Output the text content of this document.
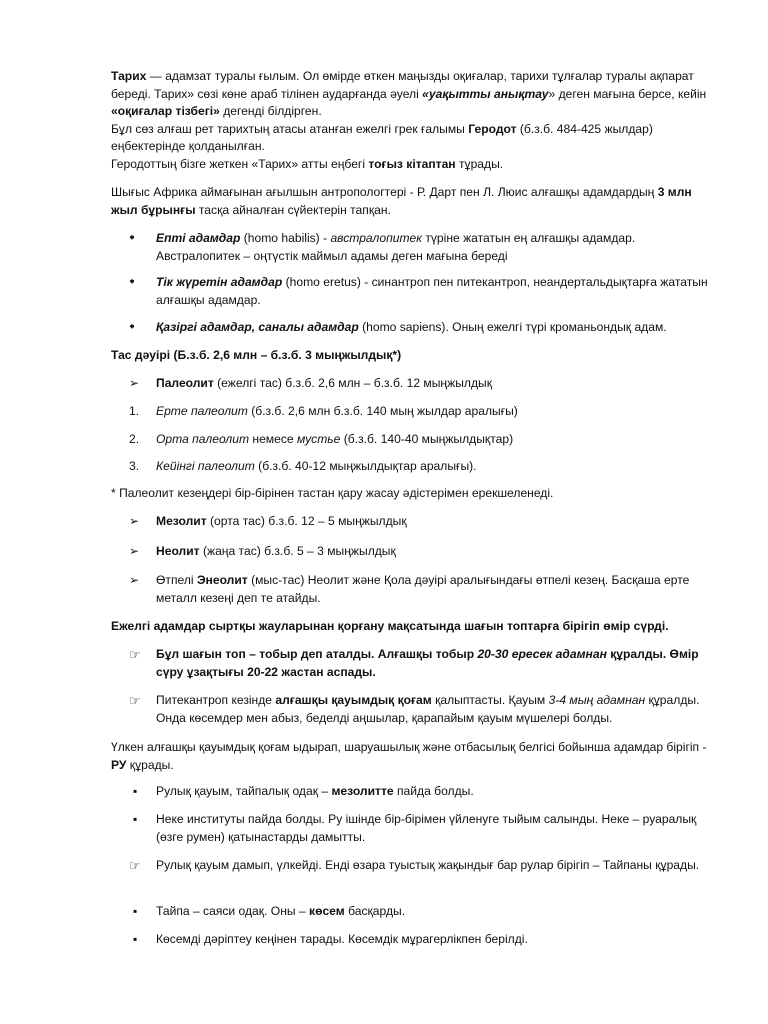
Тарих — адамзат туралы ғылым. Ол өмірде өткен маңызды оқиғалар, тарихи тұлғалар туралы ақпарат береді. Тарих» сөзі көне араб тілінен аударғанда әуелі «уақытты анықтау» деген мағына берсе, кейін «оқиғалар тізбегі» дегенді білдірген.
Бұл сөз алғаш рет тарихтың атасы атанған ежелгі грек ғалымы Геродот (б.з.б. 484-425 жылдар) еңбектерінде қолданылған.
Геродоттың бізге жеткен «Тарих» атты еңбегі тоғыз кітаптан тұрады.

Шығыс Африка аймағынан ағылшын антропологтері - Р. Дарт пен Л. Люис алғашқы адамдардың 3 млн жыл бұрынғы тасқа айналған сүйектерін тапқан.

🠸	Епті адамдар (һomo habilis) - австралопитек түріне жататын ең алғашқы адамдар. Австралопитек – оңтүстік маймыл адамы деген мағына береді
🠸	Тік жүретін адамдар (һomo eretus) - синантроп пен питекантроп, неандертальдықтарға жататын алғашқы адамдар.
🠸	Қазіргі адамдар, саналы адамдар (һomo sapiens). Оның ежелгі түрі кроманьондық адам.

Тас дәуірі (Б.з.б. 2,6 млн – б.з.б. 3 мыңжылдық*)

➢	Палеолит (ежелгі тас) б.з.б. 2,6 млн – б.з.б. 12 мыңжылдық
1.	Ерте палеолит (б.з.б. 2,6 млн б.з.б. 140 мың жылдар аралығы)
2.	Орта палеолит немесе мустье (б.з.б. 140-40 мыңжылдықтар)
3.	Кейінгі палеолит (б.з.б. 40-12 мыңжылдықтар аралығы).

* Палеолит кезеңдері бір-бірінен тастан қару жасау әдістерімен ерекшеленеді.

➢	Мезолит (орта тас) б.з.б. 12 – 5 мыңжылдық
➢	Неолит (жаңа тас) б.з.б. 5 – 3 мыңжылдық
➢	Өтпелі Энеолит (мыс-тас) Неолит және Қола дәуірі аралығындағы өтпелі кезең. Басқаша ерте металл кезеңі деп те атайды.

Ежелгі адамдар сыртқы жауларынан қорғану мақсатында шағын топтарға бірігіп өмір сүрді.

☞	Бұл шағын топ – тобыр деп аталды. Алғашқы тобыр 20-30 ересек адамнан құралды. Өмір сүру ұзақтығы 20-22 жастан аспады.
☞	Питекантроп кезінде алғашқы қауымдық қоғам қалыптасты. Қауым 3-4 мың адамнан құралды. Онда көсемдер мен абыз, беделді аңшылар, қарапайым қауым мүшелері болды.

Үлкен алғашқы қауымдық қоғам ыдырап, шаруашылық және отбасылық белгісі бойынша адамдар бірігіп - РУ құрады.

▪	Рулық қауым, тайпалық одақ – мезолитте пайда болды.
▪	Неке институты пайда болды. Ру ішінде бір-бірімен үйленуге тыйым салынды. Неке – руаралық (өзге румен) қатынастарды дамытты.
☞	Рулық қауым дамып, үлкейді. Енді өзара туыстық жақындығ бар рулар бірігіп – Тайпаны құрады.
▪	Тайпа – саяси одақ. Оны – көсем басқарды.
▪	Көсемді дәріптеу кеңінен тарады. Көсемдік мұрагерлікпен берілді.
